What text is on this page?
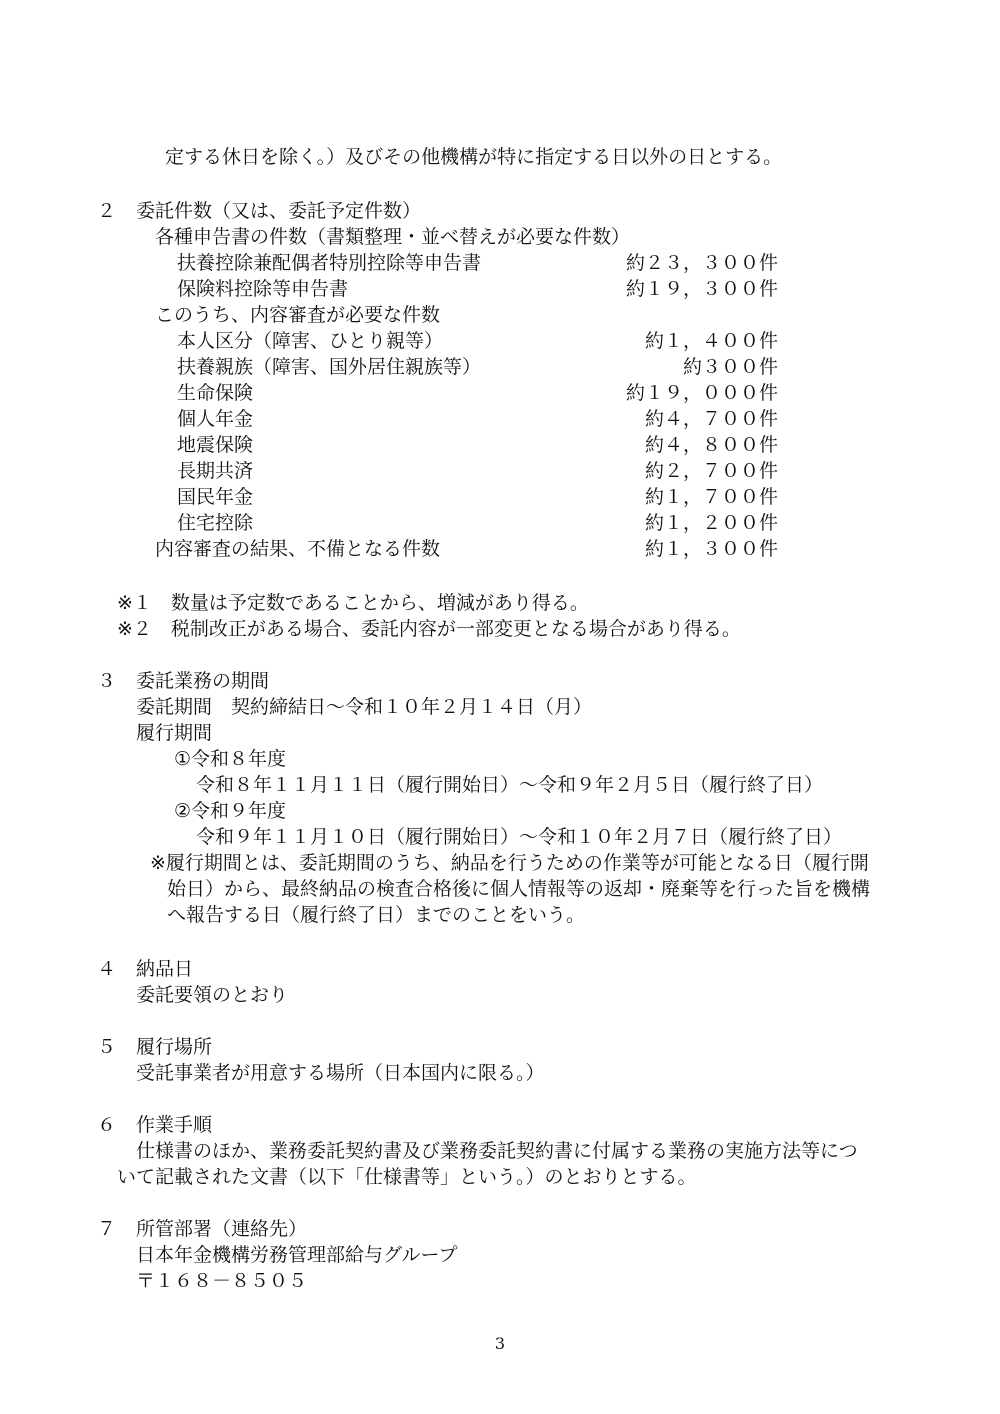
定する休日を除く。）及びその他機構が特に指定する日以外の日とする。
２ 委託件数（又は、委託予定件数）
各種申告書の件数（書類整理・並べ替えが必要な件数）
扶養控除兼配偶者特別控除等申告書	約２３，３００件
保険料控除等申告書	約１９，３００件
このうち、内容審査が必要な件数
本人区分（障害、ひとり親等）	約１，４００件
扶養親族（障害、国外居住親族等）	約３００件
生命保険	約１９，０００件
個人年金	約４，７００件
地震保険	約４，８００件
長期共済	約２，７００件
国民年金	約１，７００件
住宅控除	約１，２００件
内容審査の結果、不備となる件数	約１，３００件
※１　数量は予定数であることから、増減があり得る。
※２　税制改正がある場合、委託内容が一部変更となる場合があり得る。
３ 委託業務の期間
委託期間　契約締結日～令和１０年２月１４日（月）
履行期間
①令和８年度
令和８年１１月１１日（履行開始日）～令和９年２月５日（履行終了日）
②令和９年度
令和９年１１月１０日（履行開始日）～令和１０年２月７日（履行終了日）
※履行期間とは、委託期間のうち、納品を行うための作業等が可能となる日（履行開
始日）から、最終納品の検査合格後に個人情報等の返却・廃棄等を行った旨を機構
へ報告する日（履行終了日）までのことをいう。
４ 納品日
委託要領のとおり
５ 履行場所
受託事業者が用意する場所（日本国内に限る。）
６ 作業手順
仕様書のほか、業務委託契約書及び業務委託契約書に付属する業務の実施方法等につ
いて記載された文書（以下「仕様書等」という。）のとおりとする。
７ 所管部署（連絡先）
日本年金機構労務管理部給与グループ
〒１６８－８５０５
3
